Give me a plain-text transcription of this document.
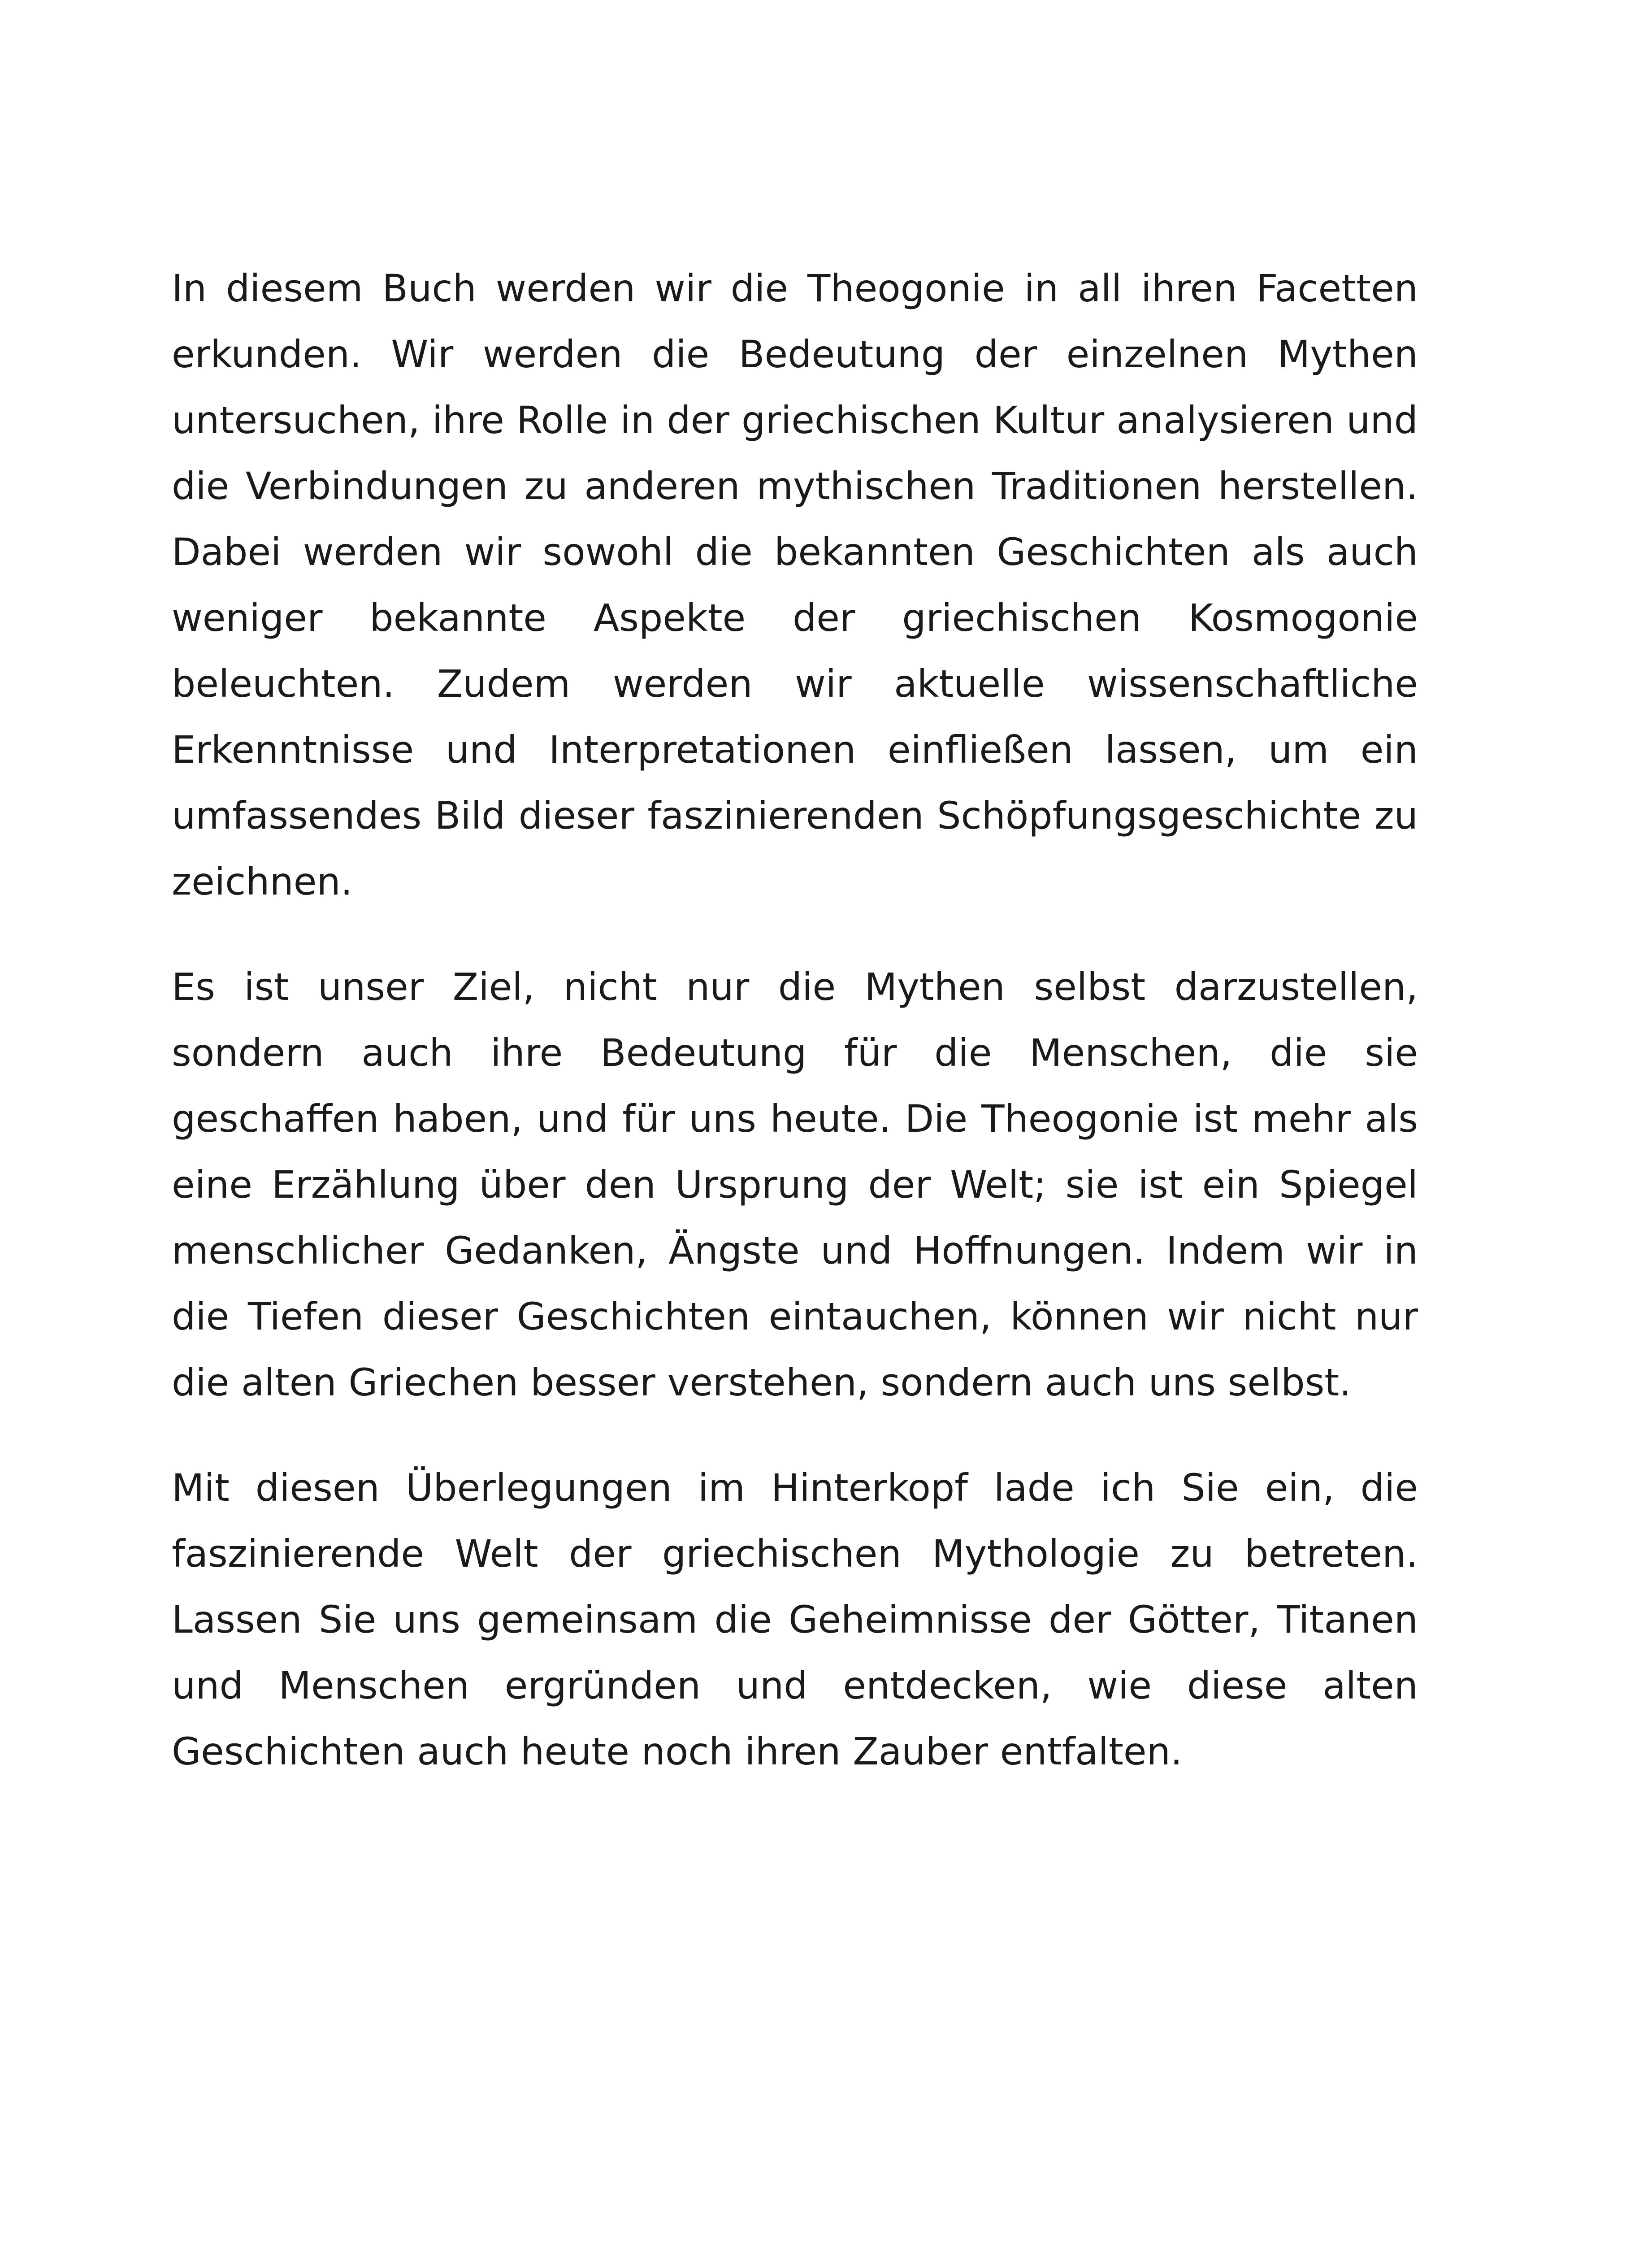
In diesem Buch werden wir die Theogonie in all ihren Facetten erkunden. Wir werden die Bedeutung der einzelnen Mythen untersuchen, ihre Rolle in der griechischen Kultur analysieren und die Verbindungen zu anderen mythischen Traditionen herstellen. Dabei werden wir sowohl die bekannten Geschichten als auch weniger bekannte Aspekte der griechischen Kosmogonie beleuchten. Zudem werden wir aktuelle wissenschaftliche Erkenntnisse und Interpretationen einfließen lassen, um ein umfassendes Bild dieser faszinierenden Schöpfungsgeschichte zu zeichnen.

Es ist unser Ziel, nicht nur die Mythen selbst darzustellen, sondern auch ihre Bedeutung für die Menschen, die sie geschaffen haben, und für uns heute. Die Theogonie ist mehr als eine Erzählung über den Ursprung der Welt; sie ist ein Spiegel menschlicher Gedanken, Ängste und Hoffnungen. Indem wir in die Tiefen dieser Geschichten eintauchen, können wir nicht nur die alten Griechen besser verstehen, sondern auch uns selbst.

Mit diesen Überlegungen im Hinterkopf lade ich Sie ein, die faszinierende Welt der griechischen Mythologie zu betreten. Lassen Sie uns gemeinsam die Geheimnisse der Götter, Titanen und Menschen ergründen und entdecken, wie diese alten Geschichten auch heute noch ihren Zauber entfalten.
